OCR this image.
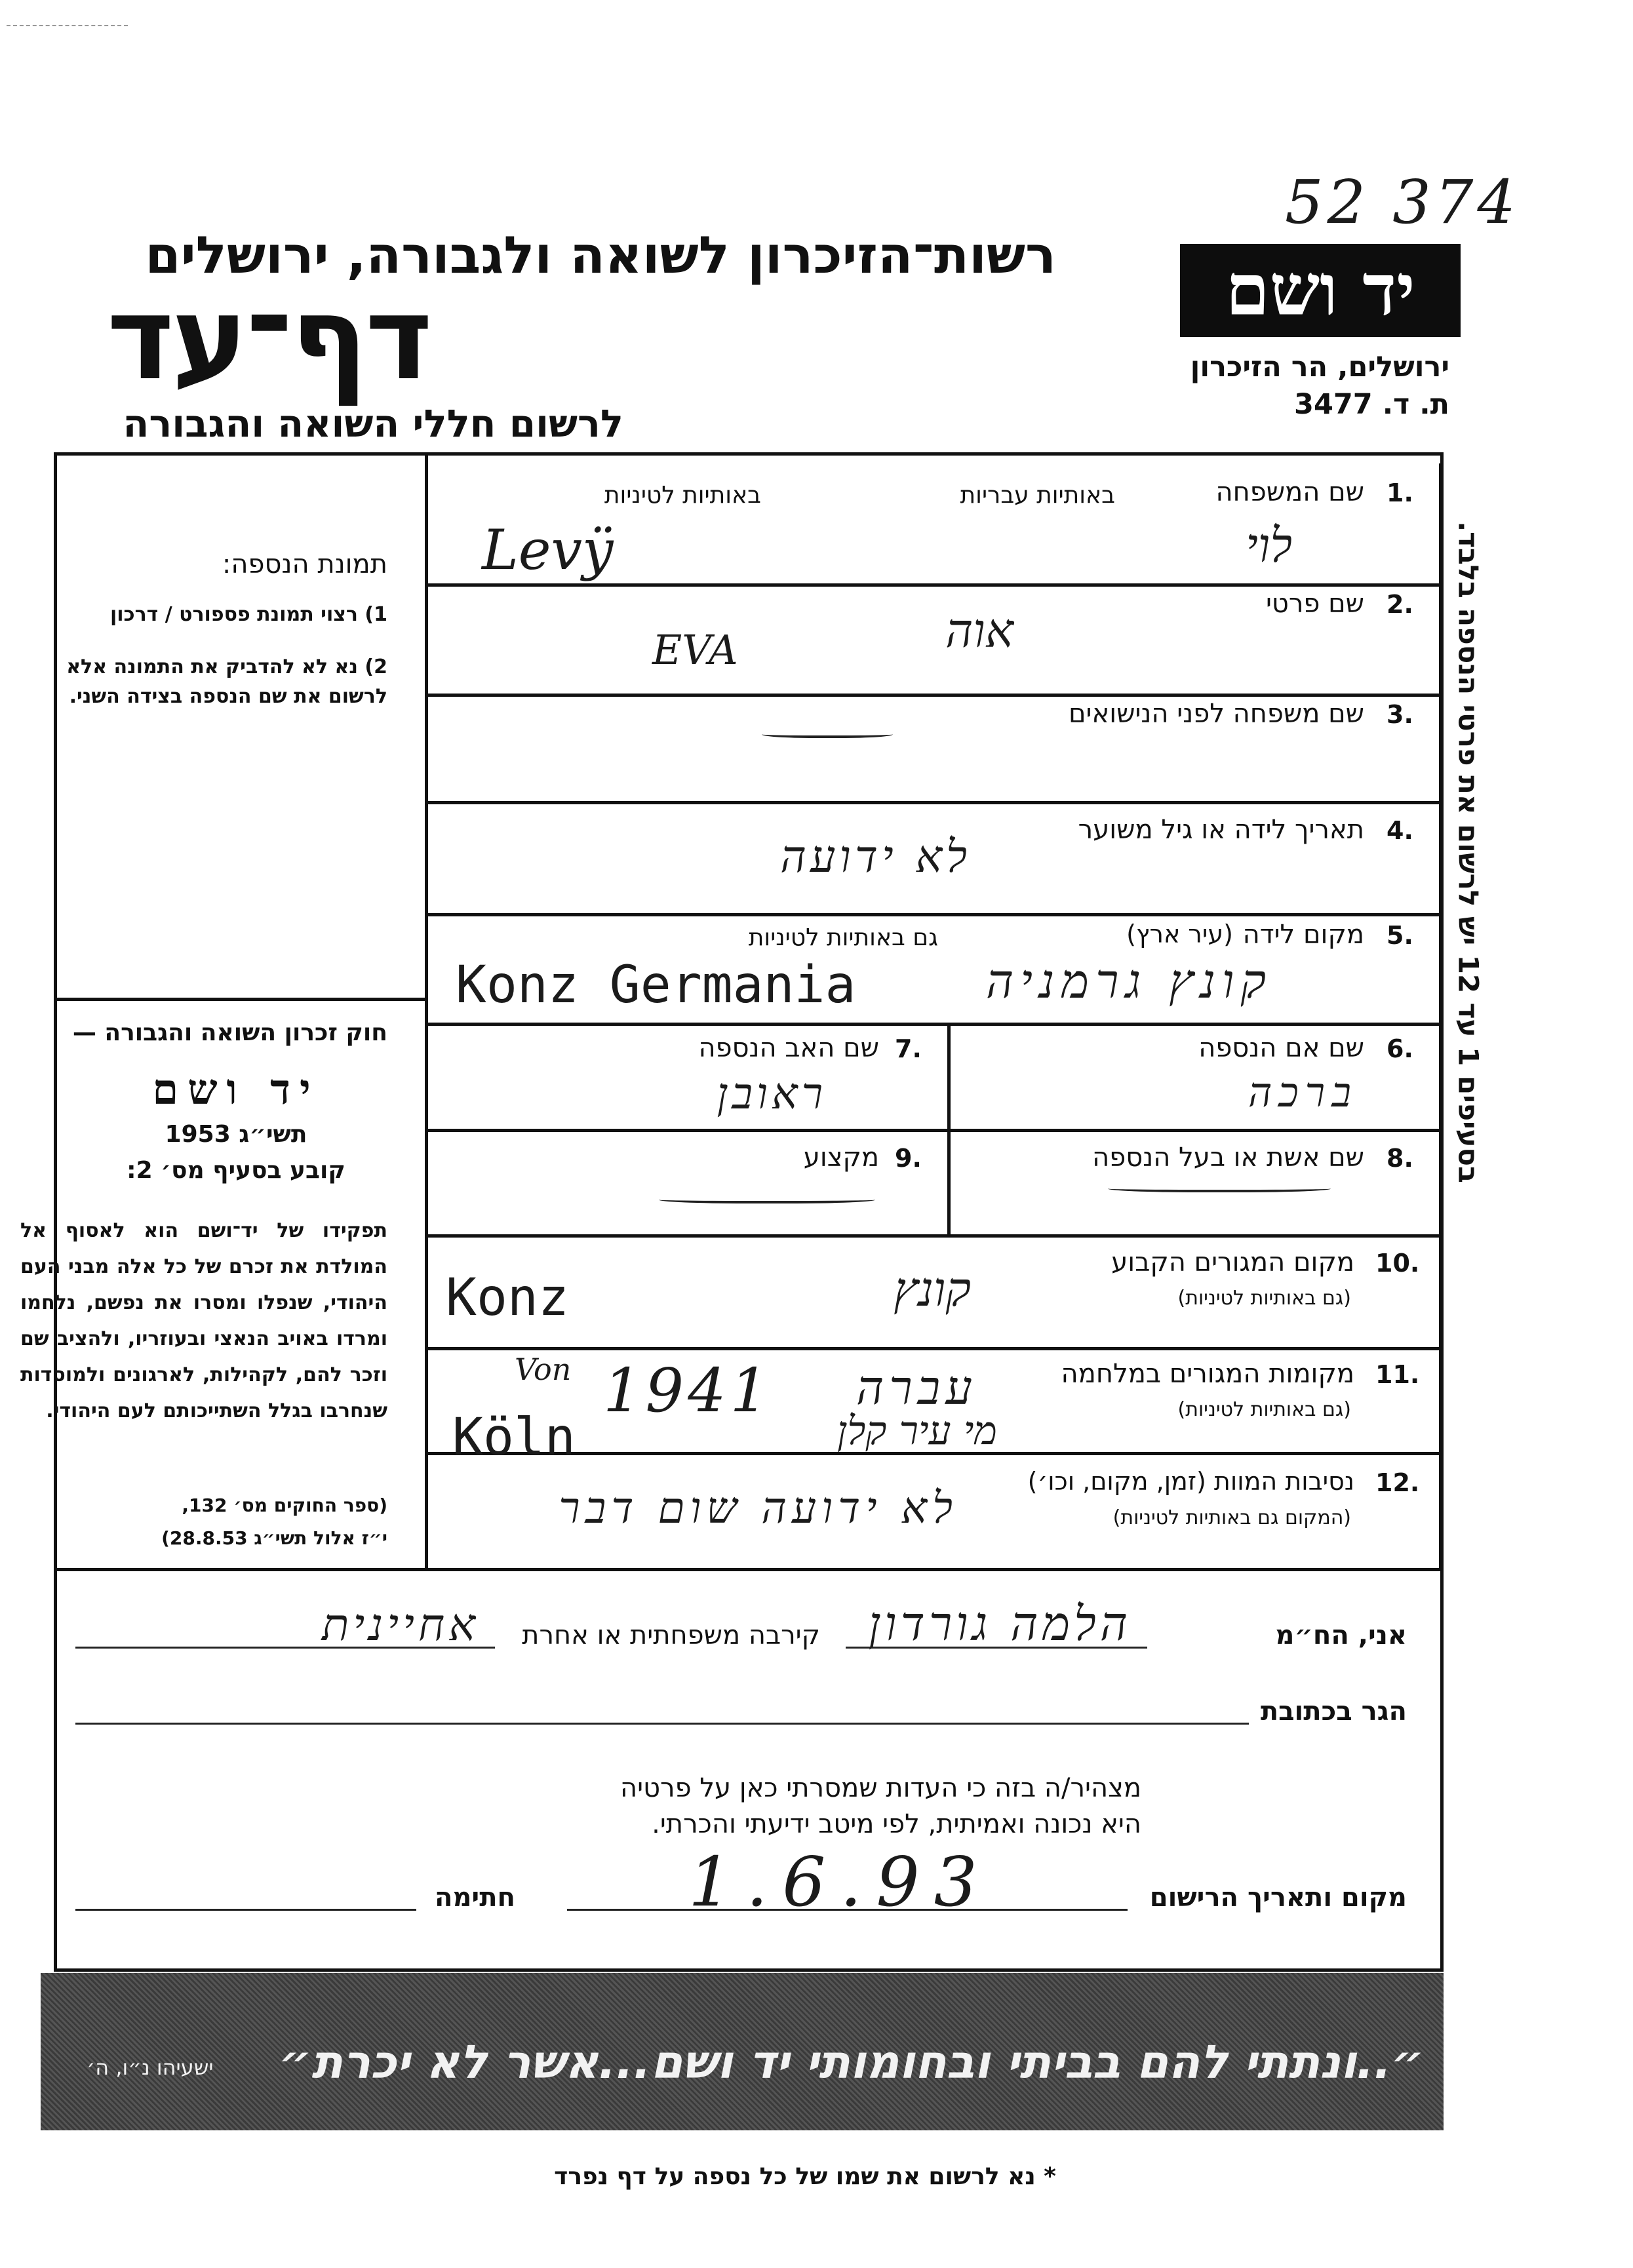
52 374
רשות־הזיכרון לשואה ולגבורה, ירושלים
דף־עד
לרשום חללי השואה והגבורה
יד ושם
ירושלים, הר הזיכרון
ת. ד. 3477
תמונת הנספה:
1) רצוי תמונת פספורט / דרכון
2) נא לא להדביק את התמונה אלא לרשום את שם הנספה בצידה השני.
חוק זכרון השואה והגבורה —
יד ושם
תשי״ג 1953
קובע בסעיף מס׳ 2:
תפקידו של יד־ושם הוא לאסוף אל המולדת את זכרם של כל אלה מבני העם היהודי, שנפלו ומסרו את נפשם, נלחמו ומרדו באויב הנאצי ובעוזריו, ולהציב שם וזכר להם, לקהילות, לארגונים ולמוסדות שנחרבו בגלל השתייכותם לעם היהודי.
(ספר החוקים מס׳ 132,
י״ז אלול תשי״ג 28.8.53)
1.
שם המשפחה
באותיות עבריות
באותיות לטיניות
Levÿ	לוי
2.
שם פרטי
EVA	אוה
3.
שם משפחה לפני הנישואים
4.
תאריך לידה או גיל משוער
לא ידועה
5.
מקום לידה
(עיר ארץ)
גם באותיות לטיניות
Konz Germania	קונץ גרמניה
6.
שם אם הנספה
ברכה
7.
שם האב הנספה
ראובן
8.
שם אשת או בעל הנספה
9.
מקצוע
10.
מקום המגורים הקבוע
(גם באותיות לטיניות)
Konz	קונץ
11.
מקומות המגורים במלחמה
(גם באותיות לטיניות)
Von 1941 עברה
Köln	מי עיר קלן
12.
נסיבות המוות (זמן, מקום, וכו׳)
(המקום גם באותיות לטיניות)
לא ידועה שום דבר
בסעיפים 1 עד 12 יש לרשום את פרטי הנספה בלבד.
אני, הח״מ
הלמה גורדון
קירבה משפחתית או אחרת
אחיינית
הגר בכתובת
מצהיר/ה בזה כי העדות שמסרתי כאן על פרטיה
היא נכונה ואמיתית, לפי מיטב ידיעתי והכרתי.
מקום ותאריך הרישום
1.6.93
חתימה
״..ונתתי להם בביתי ובחומותי יד ושם...אשר לא יכרת״
ישעיהו נ״ו, ה׳
* נא לרשום את שמו של כל נספה על דף נפרד
